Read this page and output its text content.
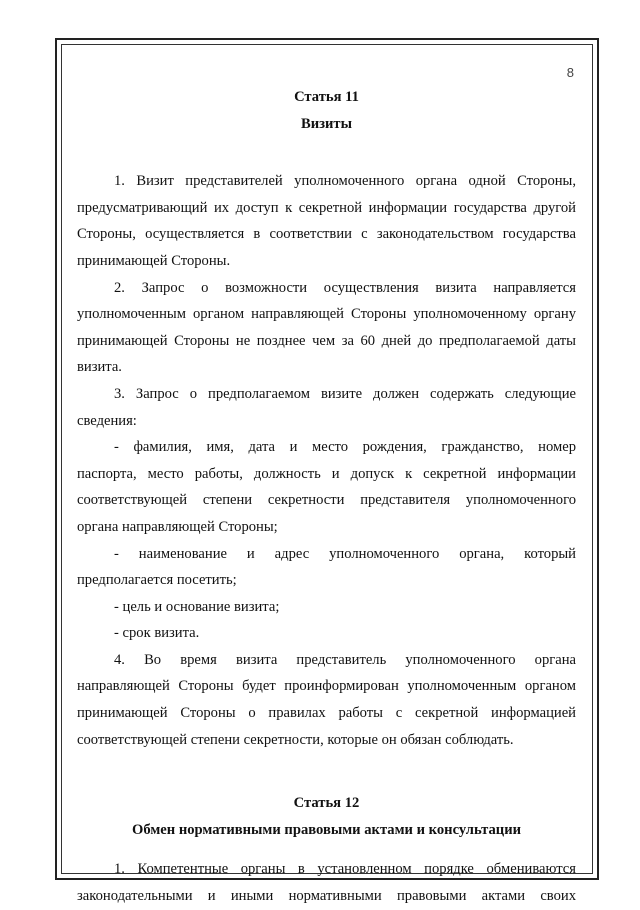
8
Статья 11
Визиты
1. Визит представителей уполномоченного органа одной Стороны,
предусматривающий их доступ к секретной информации государства другой
Стороны, осуществляется в соответствии с законодательством государства
принимающей Стороны.
2. Запрос о возможности осуществления визита направляется
уполномоченным органом направляющей Стороны уполномоченному органу
принимающей Стороны не позднее чем за 60 дней до предполагаемой даты
визита.
3. Запрос о предполагаемом визите должен содержать следующие
сведения:
- фамилия, имя, дата и место рождения, гражданство, номер
паспорта, место работы, должность и допуск к секретной информации
соответствующей степени секретности представителя уполномоченного
органа направляющей Стороны;
- наименование и адрес уполномоченного органа, который
предполагается посетить;
- цель и основание визита;
- срок визита.
4. Во время визита представитель уполномоченного органа
направляющей Стороны будет проинформирован уполномоченным органом
принимающей Стороны о правилах работы с секретной информацией
соответствующей степени секретности, которые он обязан соблюдать.
Статья 12
Обмен нормативными правовыми актами и консультации
1. Компетентные органы в установленном порядке обмениваются
законодательными и иными нормативными правовыми актами своих
